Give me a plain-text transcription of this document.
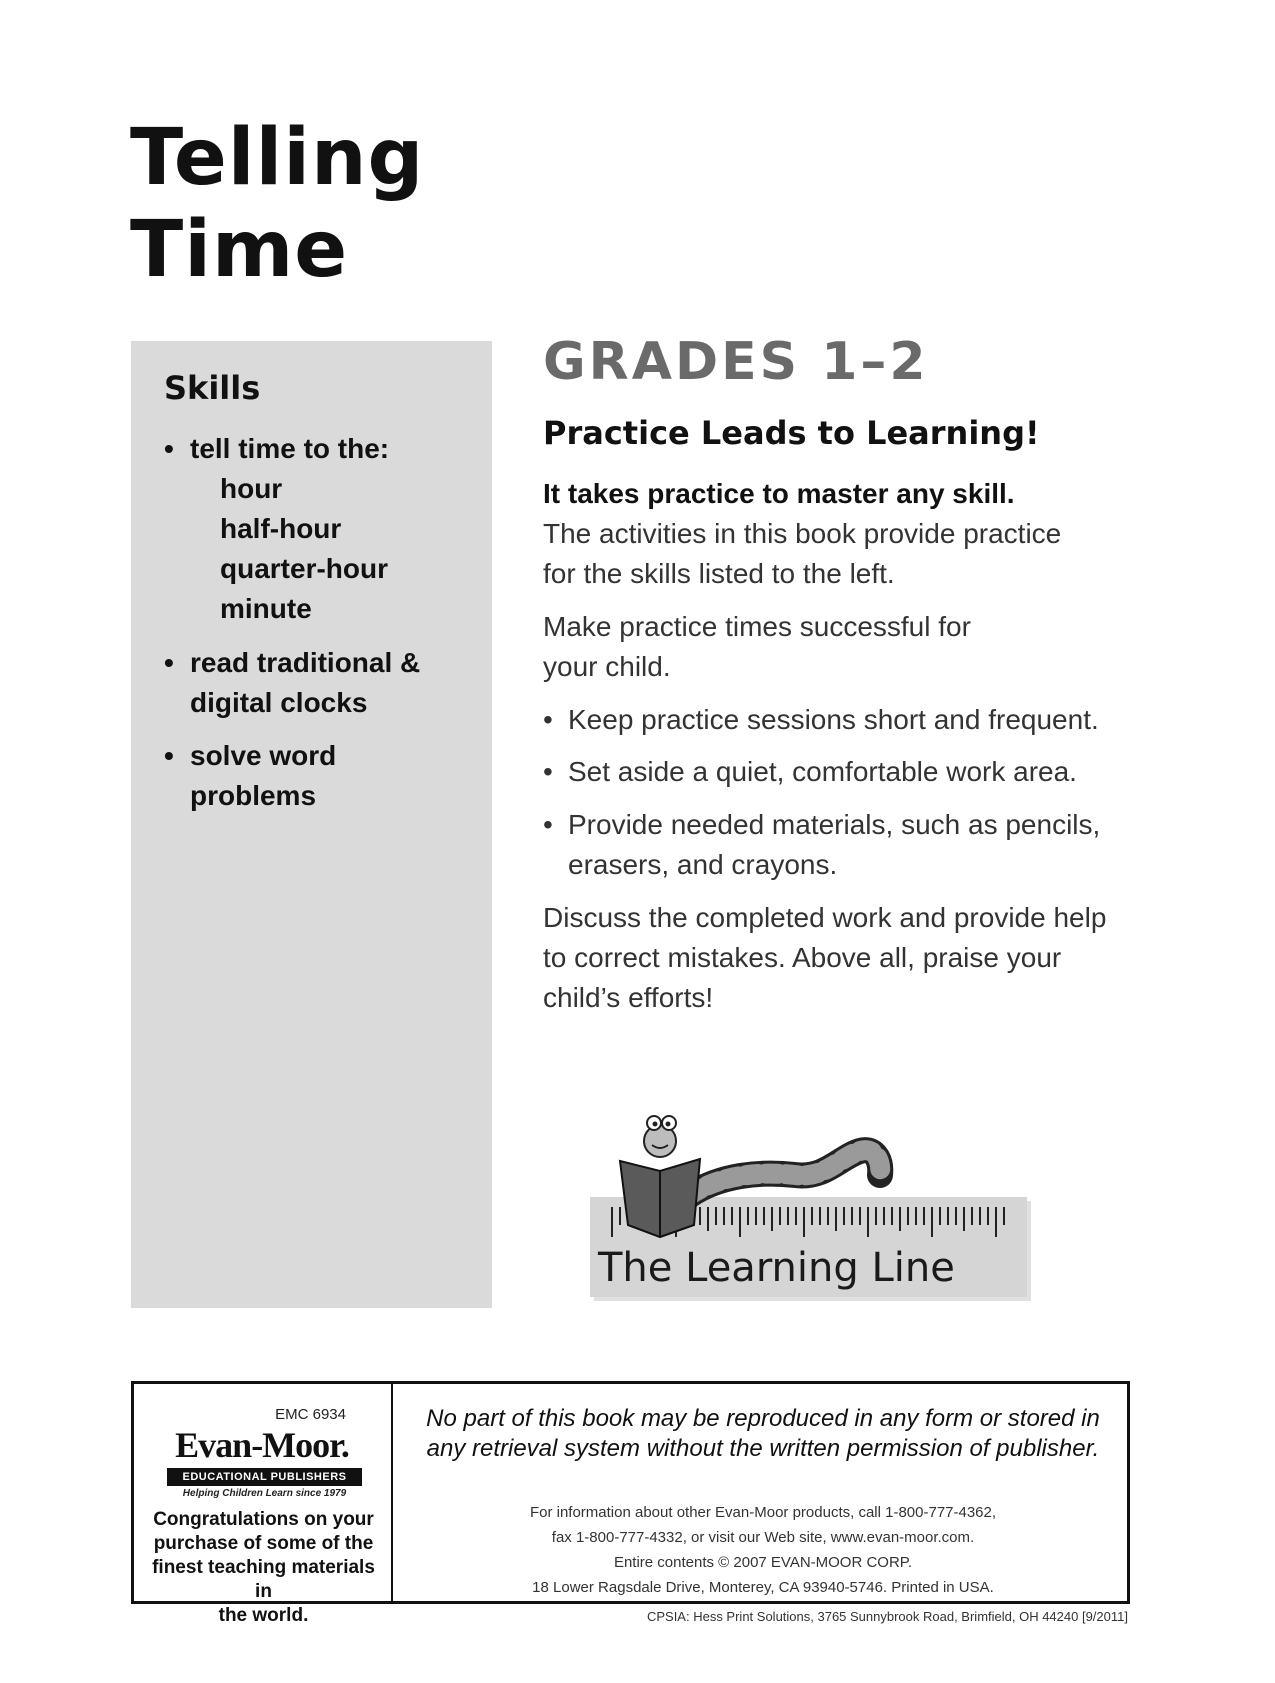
Telling
Time
Skills
• tell time to the:
hour
half-hour
quarter-hour
minute
• read traditional &
digital clocks
• solve word
problems
GRADES 1–2
Practice Leads to Learning!
It takes practice to master any skill.
The activities in this book provide practice
for the skills listed to the left.
Make practice times successful for
your child.
• Keep practice sessions short and frequent.
• Set aside a quiet, comfortable work area.
• Provide needed materials, such as pencils,
erasers, and crayons.
Discuss the completed work and provide help
to correct mistakes. Above all, praise your
child’s efforts!
The Learning Line
EMC 6934
Evan-Moor.
EDUCATIONAL PUBLISHERS
Helping Children Learn since 1979
Congratulations on your
purchase of some of the
finest teaching materials in
the world.
No part of this book may be reproduced in any form or stored in
any retrieval system without the written permission of publisher.
For information about other Evan-Moor products, call 1-800-777-4362,
fax 1-800-777-4332, or visit our Web site, www.evan-moor.com.
Entire contents © 2007 EVAN-MOOR CORP.
18 Lower Ragsdale Drive, Monterey, CA 93940-5746. Printed in USA.
CPSIA: Hess Print Solutions, 3765 Sunnybrook Road, Brimfield, OH 44240 [9/2011]
